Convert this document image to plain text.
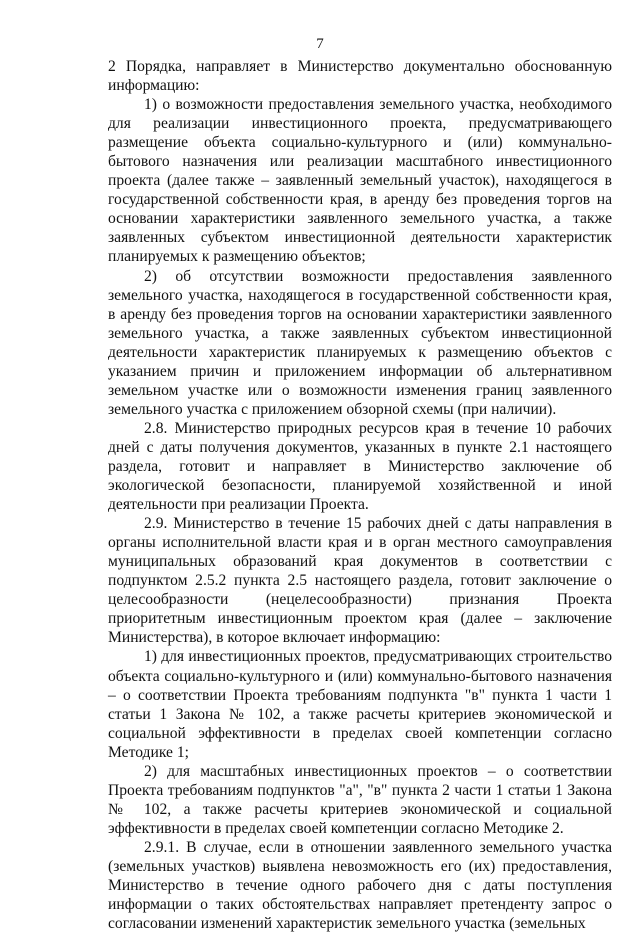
7

2 Порядка, направляет в Министерство документально обоснованную информацию:

1) о возможности предоставления земельного участка, необходимого для реализации инвестиционного проекта, предусматривающего размещение объекта социально-культурного и (или) коммунально-бытового назначения или реализации масштабного инвестиционного проекта (далее также – заявленный земельный участок), находящегося в государственной собственности края, в аренду без проведения торгов на основании характеристики заявленного земельного участка, а также заявленных субъектом инвестиционной деятельности характеристик планируемых к размещению объектов;

2) об отсутствии возможности предоставления заявленного земельного участка, находящегося в государственной собственности края, в аренду без проведения торгов на основании характеристики заявленного земельного участка, а также заявленных субъектом инвестиционной деятельности характеристик планируемых к размещению объектов с указанием причин и приложением информации об альтернативном земельном участке или о возможности изменения границ заявленного земельного участка с приложением обзорной схемы (при наличии).

2.8. Министерство природных ресурсов края в течение 10 рабочих дней с даты получения документов, указанных в пункте 2.1 настоящего раздела, готовит и направляет в Министерство заключение об экологической безопасности, планируемой хозяйственной и иной деятельности при реализации Проекта.

2.9. Министерство в течение 15 рабочих дней с даты направления в органы исполнительной власти края и в орган местного самоуправления муниципальных образований края документов в соответствии с подпунктом 2.5.2 пункта 2.5 настоящего раздела, готовит заключение о целесообразности (нецелесообразности) признания Проекта приоритетным инвестиционным проектом края (далее – заключение Министерства), в которое включает информацию:

1) для инвестиционных проектов, предусматривающих строительство объекта социально-культурного и (или) коммунально-бытового назначения – о соответствии Проекта требованиям подпункта "в" пункта 1 части 1 статьи 1 Закона № 102, а также расчеты критериев экономической и социальной эффективности в пределах своей компетенции согласно Методике 1;

2) для масштабных инвестиционных проектов – о соответствии Проекта требованиям подпунктов "а", "в" пункта 2 части 1 статьи 1 Закона № 102, а также расчеты критериев экономической и социальной эффективности в пределах своей компетенции согласно Методике 2.

2.9.1. В случае, если в отношении заявленного земельного участка (земельных участков) выявлена невозможность его (их) предоставления, Министерство в течение одного рабочего дня с даты поступления информации о таких обстоятельствах направляет претенденту запрос о согласовании изменений характеристик земельного участка (земельных
